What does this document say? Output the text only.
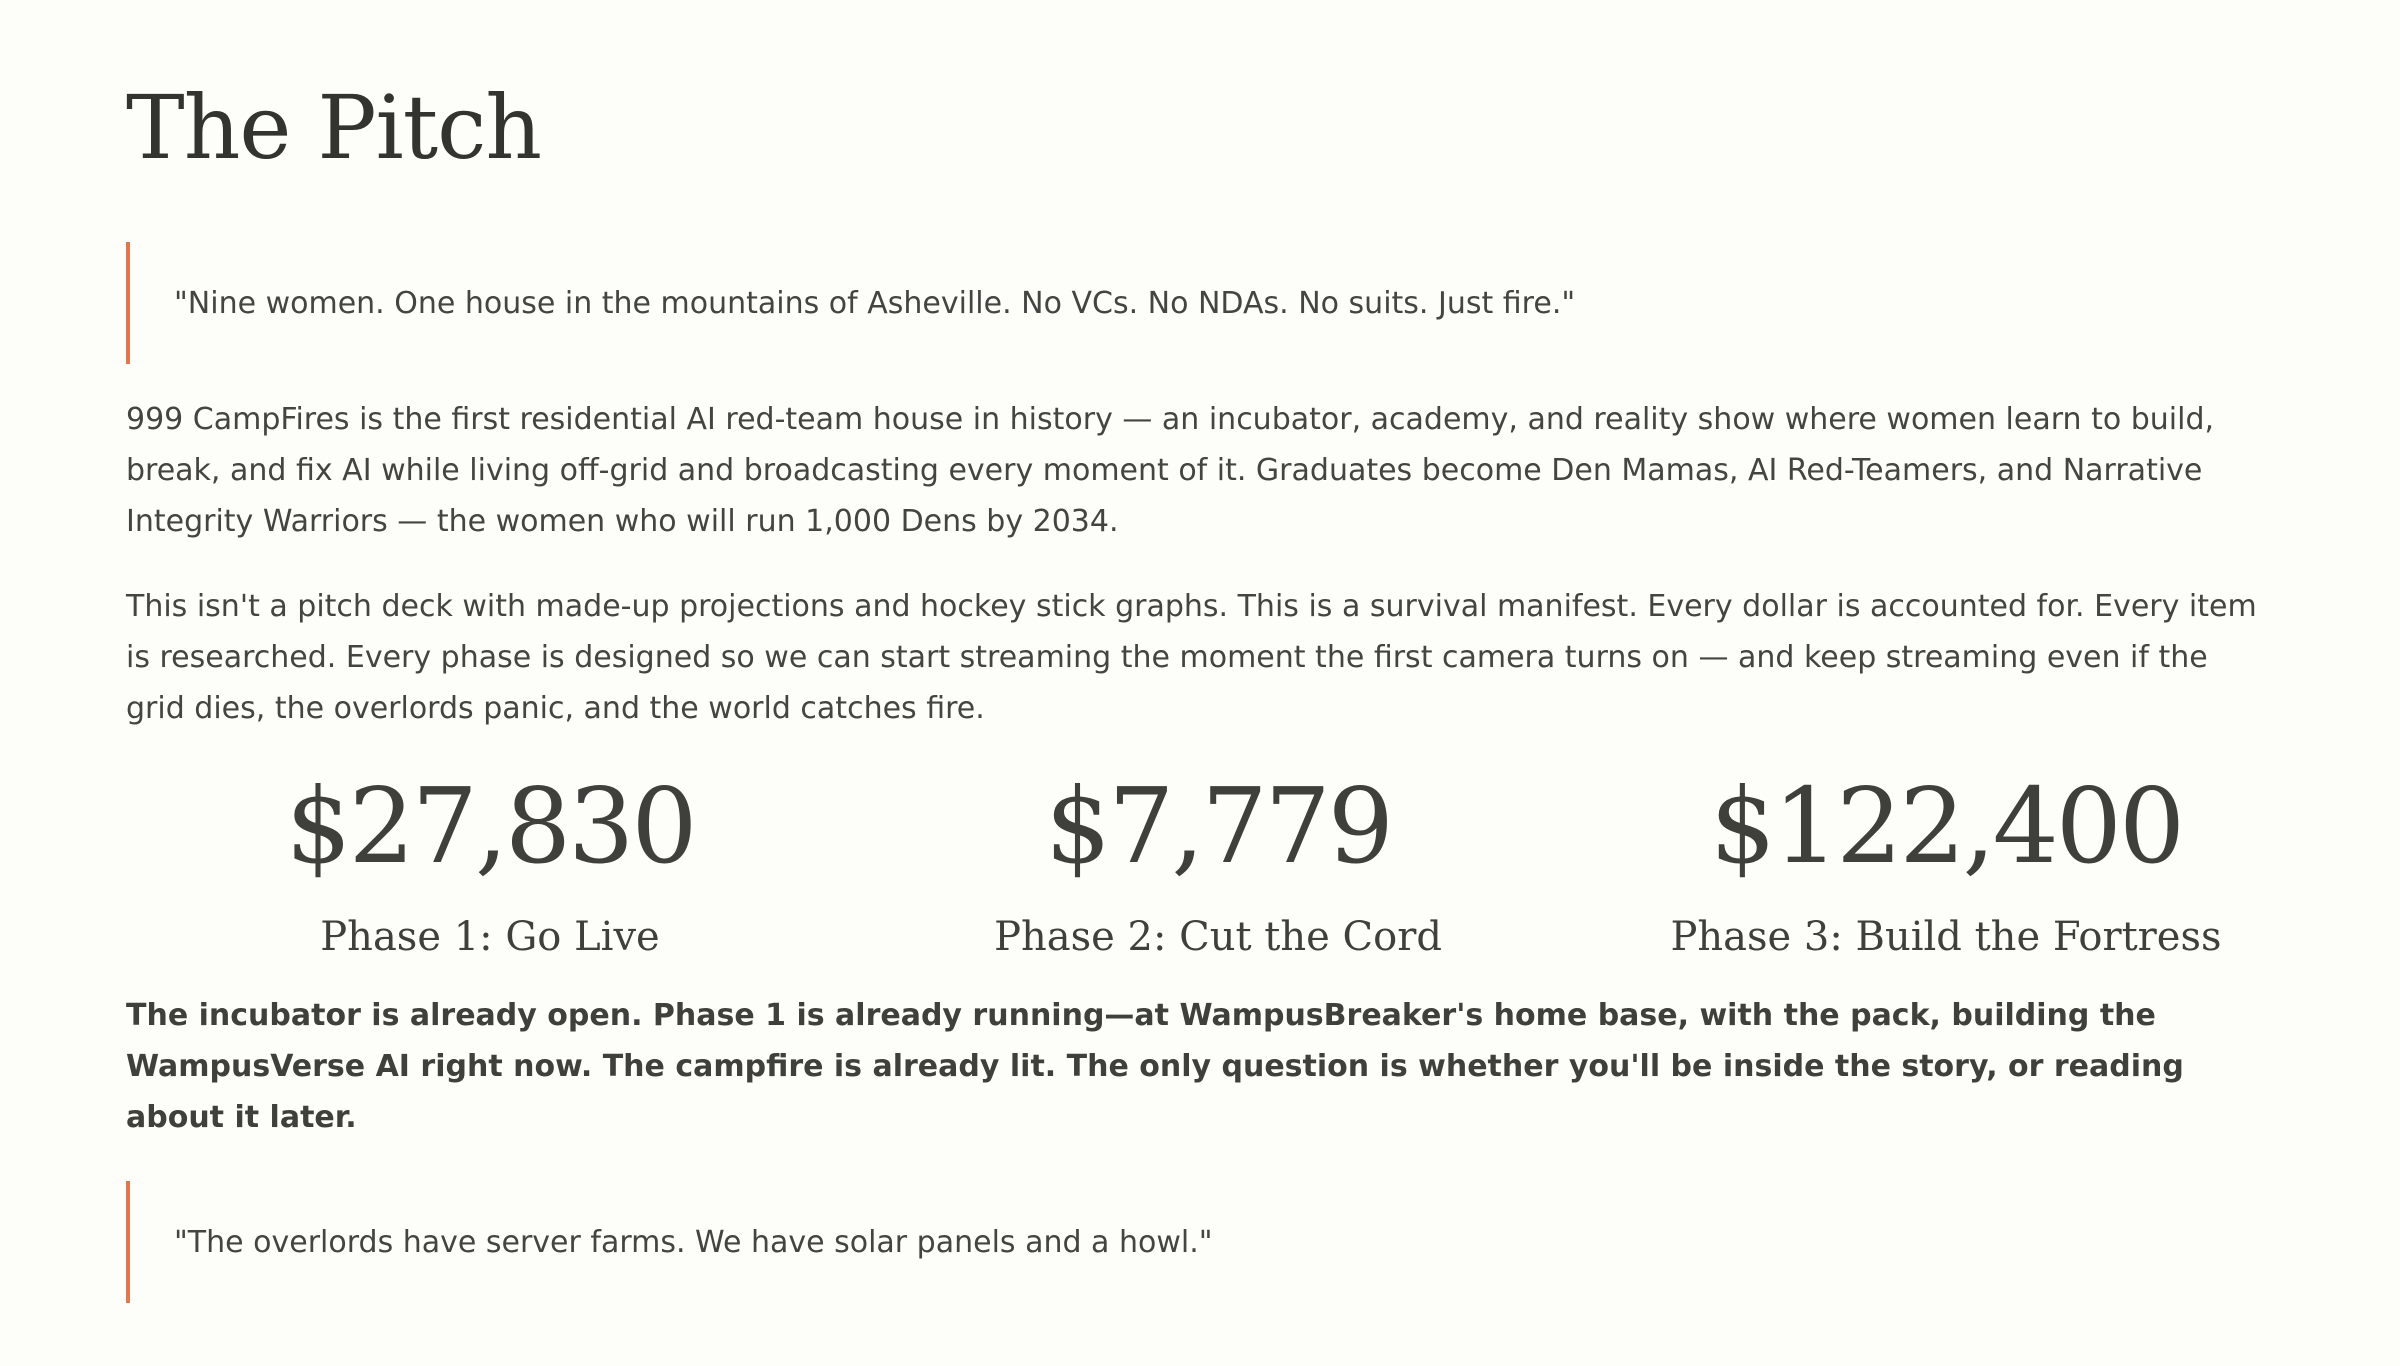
The Pitch

"Nine women. One house in the mountains of Asheville. No VCs. No NDAs. No suits. Just fire."

999 CampFires is the first residential AI red-team house in history — an incubator, academy, and reality show where women learn to build, break, and fix AI while living off-grid and broadcasting every moment of it. Graduates become Den Mamas, AI Red-Teamers, and Narrative Integrity Warriors — the women who will run 1,000 Dens by 2034.

This isn't a pitch deck with made-up projections and hockey stick graphs. This is a survival manifest. Every dollar is accounted for. Every item is researched. Every phase is designed so we can start streaming the moment the first camera turns on — and keep streaming even if the grid dies, the overlords panic, and the world catches fire.

$27,830
Phase 1: Go Live
$7,779
Phase 2: Cut the Cord
$122,400
Phase 3: Build the Fortress

The incubator is already open. Phase 1 is already running—at WampusBreaker's home base, with the pack, building the WampusVerse AI right now. The campfire is already lit. The only question is whether you'll be inside the story, or reading about it later.

"The overlords have server farms. We have solar panels and a howl."
